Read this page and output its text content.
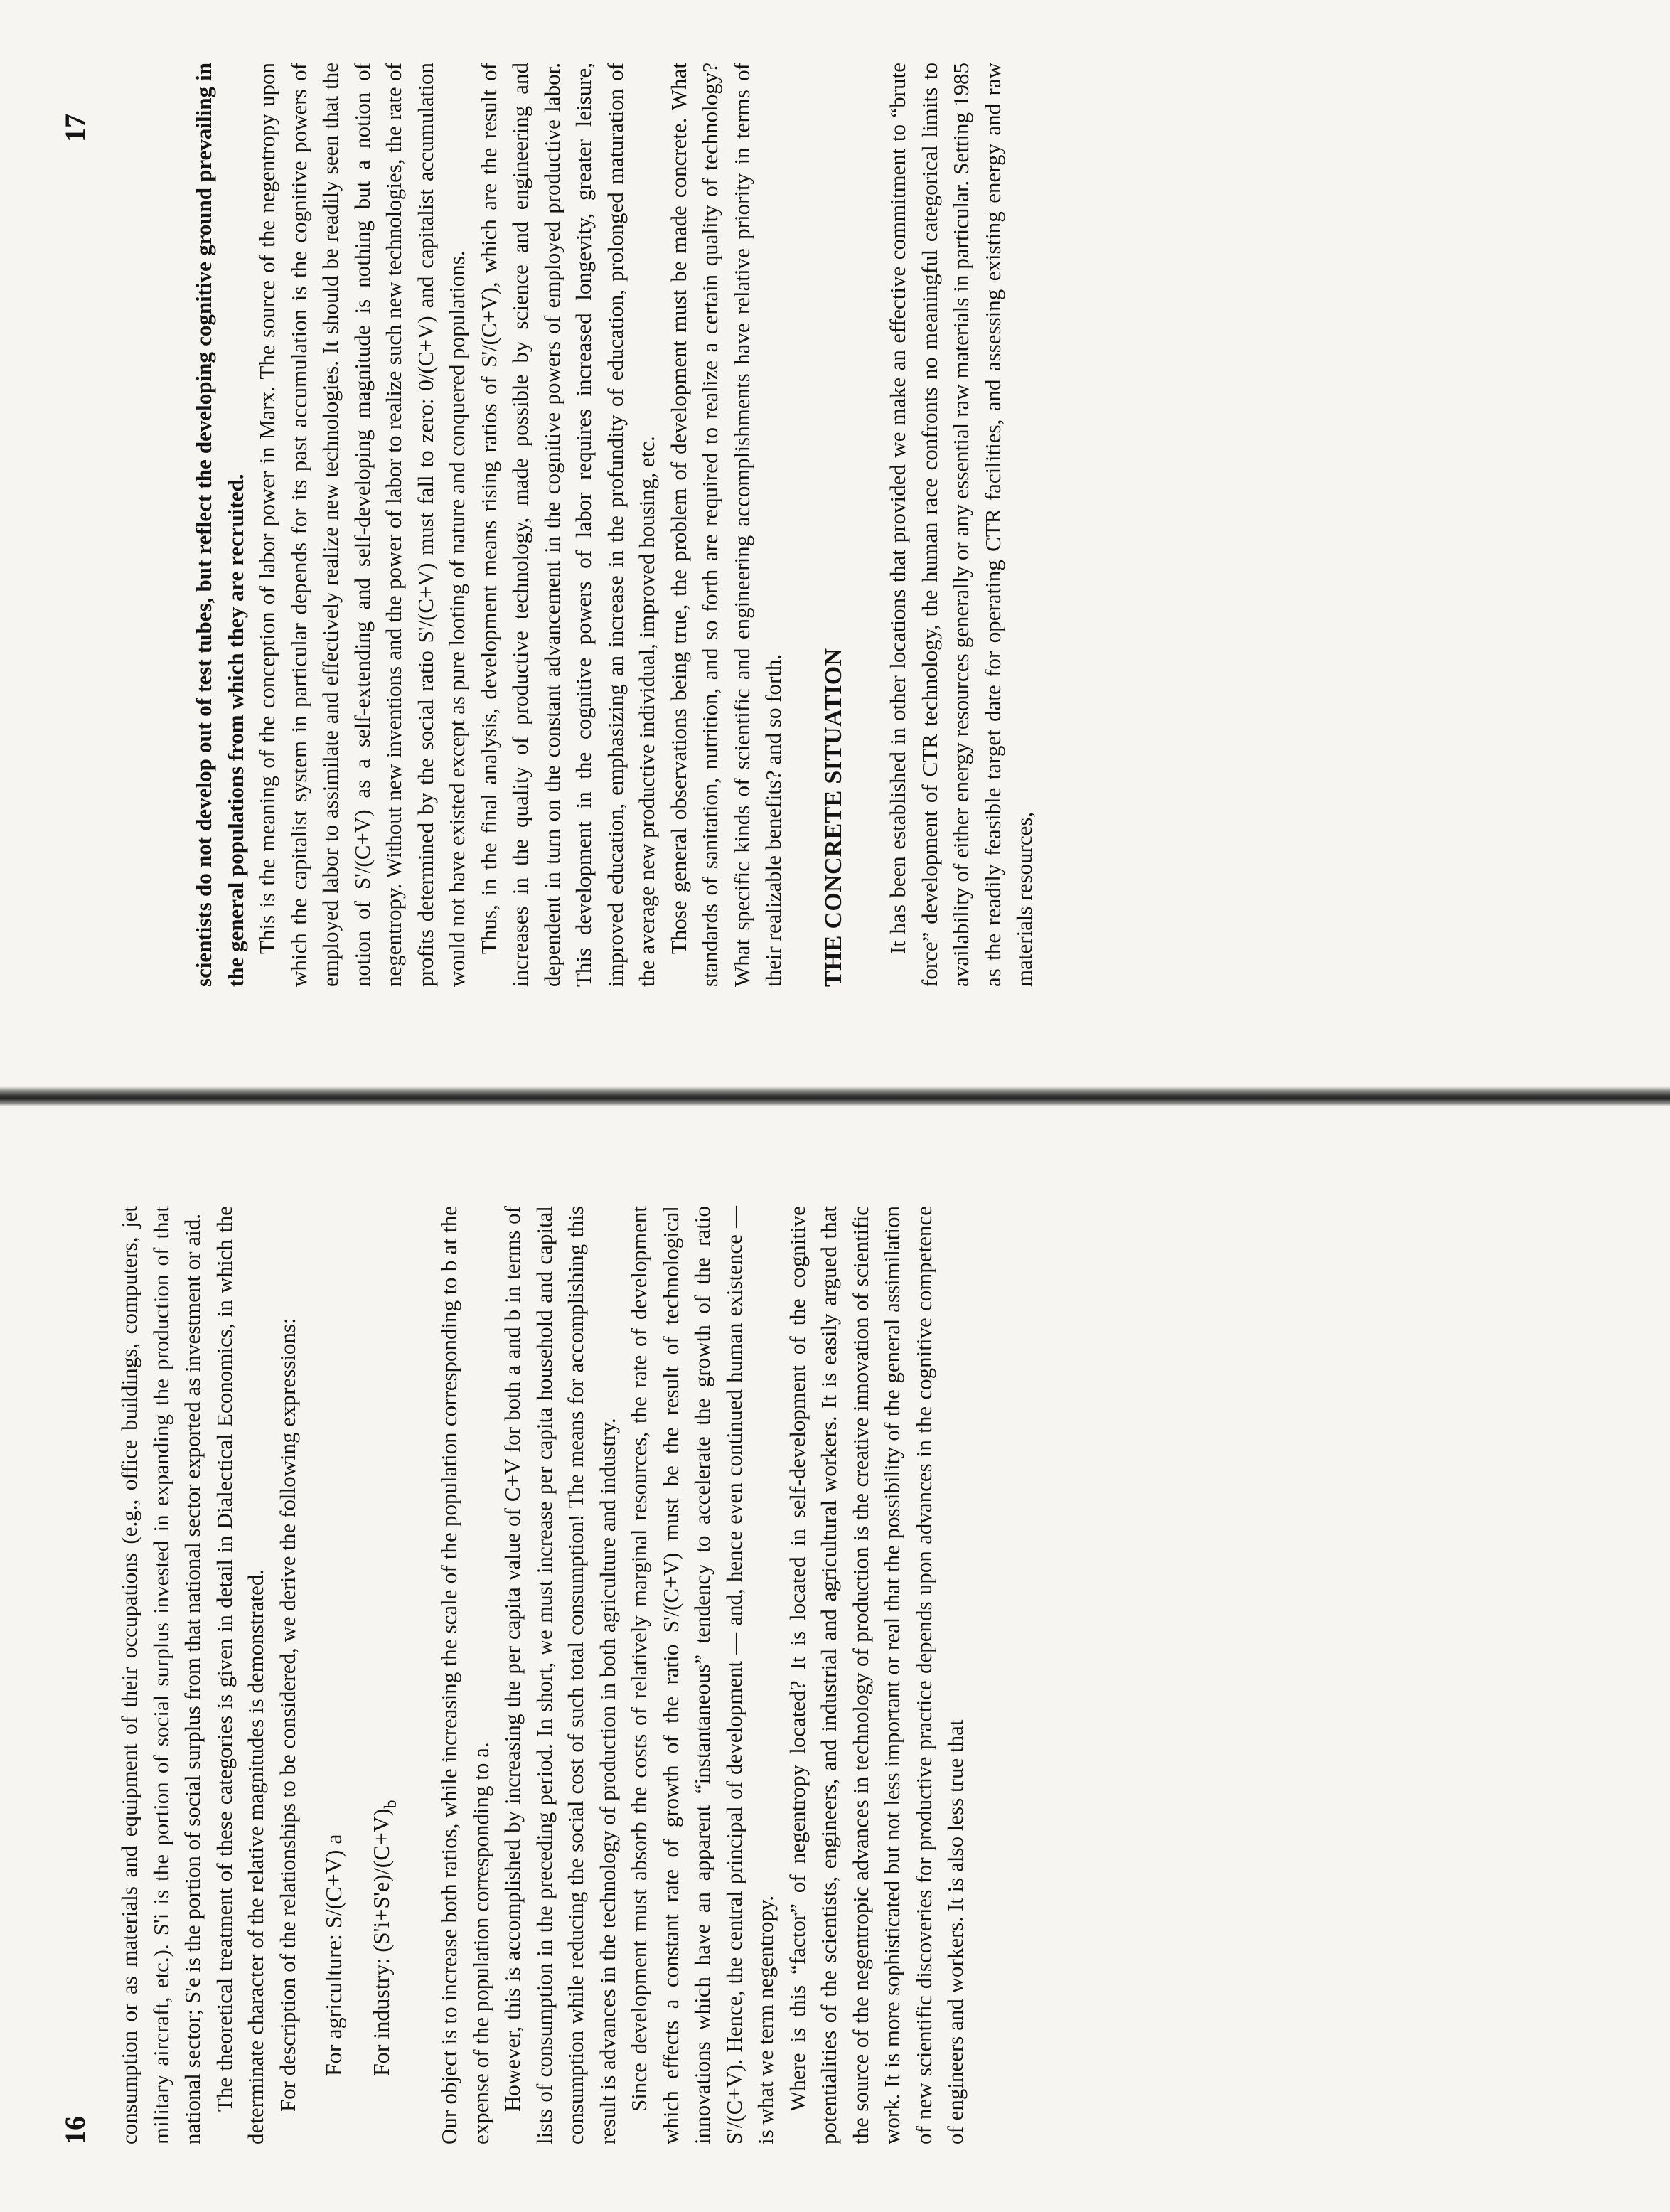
17	scientists do not develop out of test tubes, but reflect the developing cognitive ground prevailing in the general populations from which they are recruited. This is the meaning of the conception of labor power in Marx. The source of the negentropy upon which the capitalist system in particular depends for its past accumulation is the cognitive powers of employed labor to assimilate and effectively realize new technologies. It should be readily seen that the notion of S'/(C+V) as a self-extending and self-developing magnitude is nothing but a notion of negentropy. Without new inventions and the power of labor to realize such new technologies, the rate of profits determined by the social ratio S'/(C+V) must fall to zero: 0/(C+V) and capitalist accumulation would not have existed except as pure looting of nature and conquered populations. Thus, in the final analysis, development means rising ratios of S'/(C+V), which are the result of increases in the quality of productive technology, made possible by science and engineering and dependent in turn on the constant advancement in the cognitive powers of employed productive labor. This development in the cognitive powers of labor requires increased longevity, greater leisure, improved education, emphasizing an increase in the profundity of education, prolonged maturation of the average new productive individual, improved housing, etc. Those general observations being true, the problem of development must be made concrete. What standards of sanitation, nutrition, and so forth are required to realize a certain quality of technology? What specific kinds of scientific and engineering accomplishments have relative priority in terms of their realizable benefits? and so forth. THE CONCRETE SITUATION It has been established in other locations that provided we make an effective commitment to “brute force” development of CTR technology, the human race confronts no meaningful categorical limits to availability of either energy resources generally or any essential raw materials in particular. Setting 1985 as the readily feasible target date for operating CTR facilities, and assessing existing energy and raw materials resources,

16 consumption or as materials and equipment of their occupations (e.g., office buildings, computers, jet military aircraft, etc.). S'i is the portion of social surplus invested in expanding the production of that national sector; S'e is the portion of social surplus from that national sector exported as investment or aid. The theoretical treatment of these categories is given in detail in Dialectical Economics, in which the determinate character of the relative magnitudes is demonstrated. For description of the relationships to be considered, we derive the following expressions: For agriculture: S/(C+V) a

For industry: $(S'i+S'e)/(C+V)_b$	Our object is to increase both ratios, while increasing the scale of the population corresponding to b at the expense of the population corresponding to a. However, this is accomplished by increasing the per capita value of C+V for both a and b in terms of lists of consumption in the preceding period. In short, we must increase per capita household and capital consumption while reducing the social cost of such total consumption! The means for accomplishing this result is advances in the technology of production in both agriculture and industry. Since development must absorb the costs of relatively marginal resources, the rate of development which effects a constant rate of growth of the ratio S'/(C+V) must be the result of technological innovations which have an apparent “instantaneous” tendency to accelerate the growth of the ratio S'/(C+V). Hence, the central principal of development — and, hence even continued human existence — is what we term negentropy. Where is this “factor” of negentropy located? It is located in self-development of the cognitive potentialities of the scientists, engineers, and industrial and agricultural workers. It is easily argued that the source of the negentropic advances in technology of production is the creative innovation of scientific work. It is more sophisticated but not less important or real that the possibility of the general assimilation of new scientific discoveries for productive practice depends upon advances in the cognitive competence of engineers and workers. It is also less true that
